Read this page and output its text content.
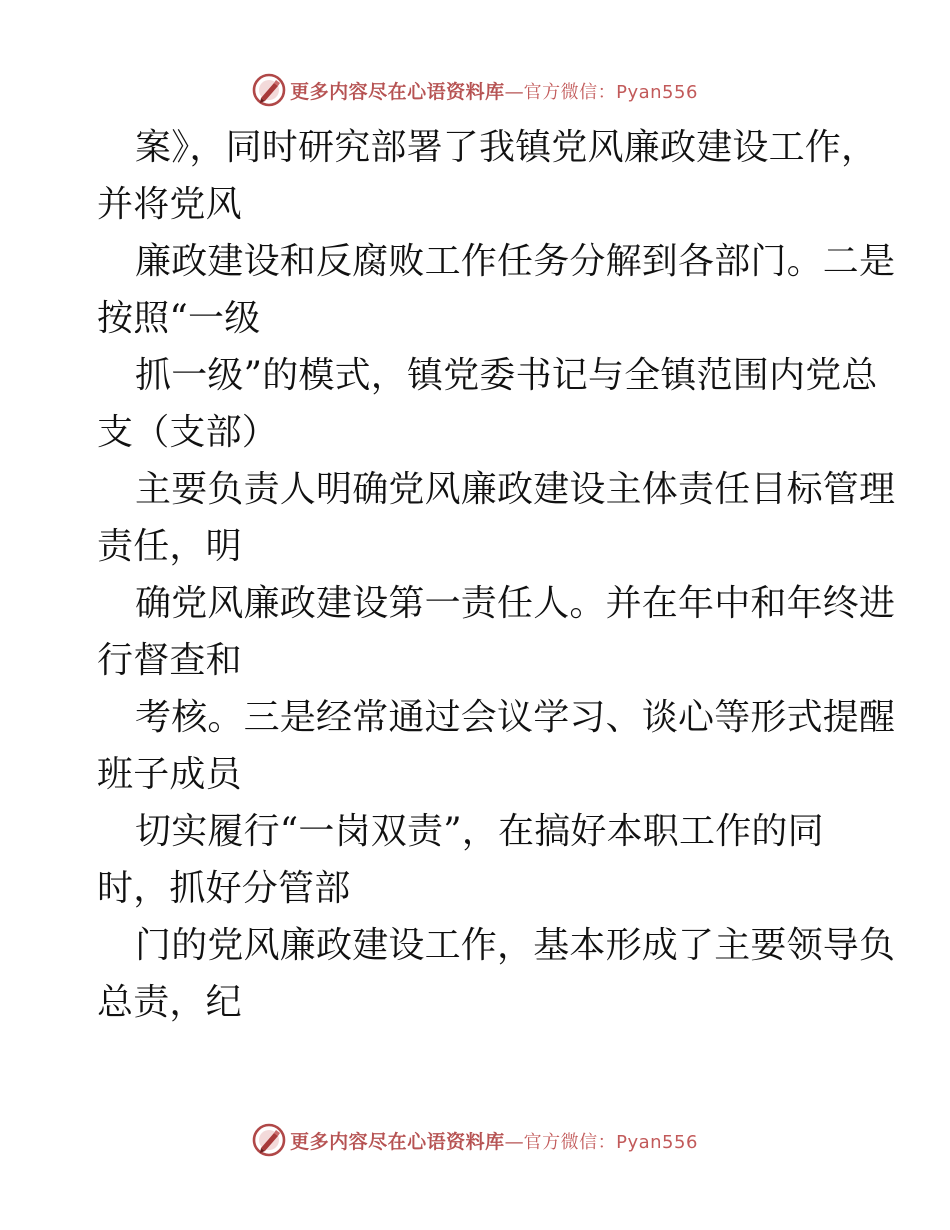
更多内容尽在心语资料库 — 官方微信：Pyan556
案》，同时研究部署了我镇党风廉政建设工作，
并将党风
廉政建设和反腐败工作任务分解到各部门。二是
按照“一级
抓一级”的模式，镇党委书记与全镇范围内党总
支（支部）
主要负责人明确党风廉政建设主体责任目标管理
责任，明
确党风廉政建设第一责任人。并在年中和年终进
行督查和
考核。三是经常通过会议学习、谈心等形式提醒
班子成员
切实履行“一岗双责”，在搞好本职工作的同
时，抓好分管部
门的党风廉政建设工作，基本形成了主要领导负
总责，纪
更多内容尽在心语资料库 — 官方微信：Pyan556
